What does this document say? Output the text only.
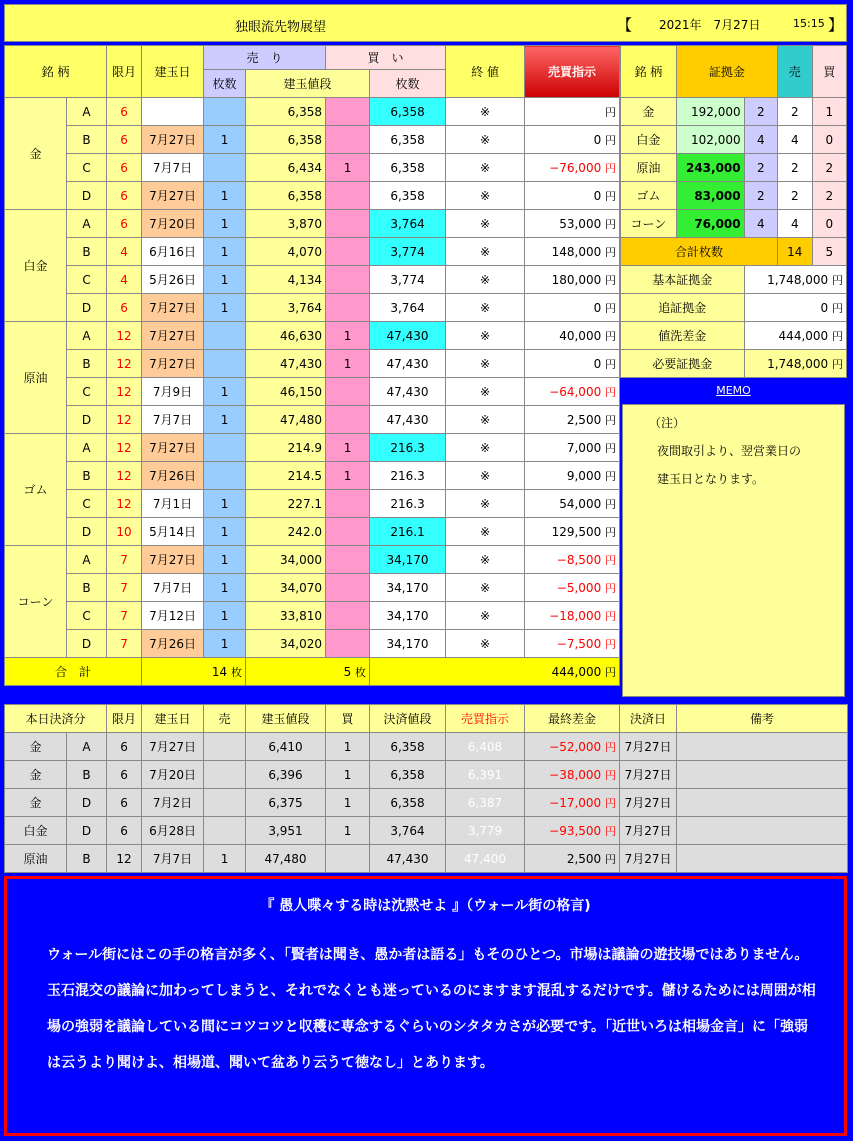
独眼流先物展望	【 2021年　7月27日	15:15 】
銘 柄		限月	建玉日	売　り		買　い		終 値	売買指示	
				枚数	建玉値段		枚数			
金	A	6			6,358		6,358	※	円	
	B	6	7月27日	1	6,358		6,358	※	0 円	
	C	6	7月7日		6,434	1	6,358	※	−76,000 円	
	D	6	7月27日	1	6,358		6,358	※	0 円	
白金	A	6	7月20日	1	3,870		3,764	※	53,000 円	
	B	4	6月16日	1	4,070		3,774	※	148,000 円	
	C	4	5月26日	1	4,134		3,774	※	180,000 円	
	D	6	7月27日	1	3,764		3,764	※	0 円	
原油	A	12	7月27日		46,630	1	47,430	※	40,000 円	
	B	12	7月27日		47,430	1	47,430	※	0 円	
	C	12	7月9日	1	46,150		47,430	※	−64,000 円	
	D	12	7月7日	1	47,480		47,430	※	2,500 円	
ゴム	A	12	7月27日		214.9	1	216.3	※	7,000 円	
	B	12	7月26日		214.5	1	216.3	※	9,000 円	
	C	12	7月1日	1	227.1		216.3	※	54,000 円	
	D	10	5月14日	1	242.0		216.1	※	129,500 円	
コーン	A	7	7月27日	1	34,000		34,170	※	−8,500 円	
	B	7	7月7日	1	34,070		34,170	※	−5,000 円	
	C	7	7月12日	1	33,810		34,170	※	−18,000 円	
	D	7	7月26日	1	34,020		34,170	※	−7,500 円	
合　計			14 枚		5 枚		444,000 円			
銘 柄	証拠金		売	買
金	192,000	2	2	1
白金	102,000	4	4	0
原油	243,000	2	2	2
ゴム	83,000	2	2	2
コーン	76,000	4	4	0
合計枚数			14	5
基本証拠金		1,748,000 円		
追証拠金		0 円		
値洗差金		444,000 円		
必要証拠金		1,748,000 円		
MEMO
（注）
夜間取引より、翌営業日の
建玉日となります。
本日決済分		限月	建玉日	売	建玉値段	買	決済値段	売買指示	最終差金	決済日	備考
金	A	6	7月27日		6,410	1	6,358	6,408	−52,000 円	7月27日	
金	B	6	7月20日		6,396	1	6,358	6,391	−38,000 円	7月27日	
金	D	6	7月2日		6,375	1	6,358	6,387	−17,000 円	7月27日	
白金	D	6	6月28日		3,951	1	3,764	3,779	−93,500 円	7月27日	
原油	B	12	7月7日	1	47,480		47,430	47,400	2,500 円	7月27日	
『 愚人喋々する時は沈黙せよ 』（ウォール街の格言)
ウォール街にはこの手の格言が多く、「賢者は聞き、愚か者は語る」もそのひとつ。市場は議論の遊技場ではありません。玉石混交の議論に加わってしまうと、それでなくとも迷っているのにますます混乱するだけです。儲けるためには周囲が相場の強弱を議論している間にコツコツと収穫に専念するぐらいのシタタカさが必要です。「近世いろは相場金言」に「強弱は云うより聞けよ、相場道、聞いて盆あり云うて徳なし」とあります。
